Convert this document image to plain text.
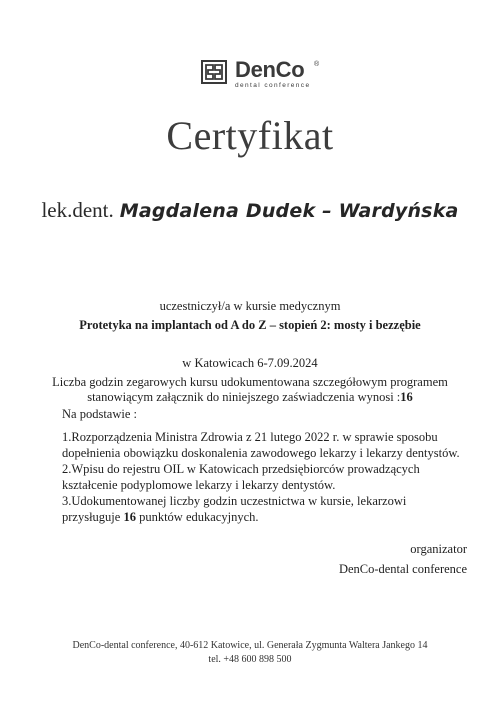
DenCo ®
dental conference
Certyfikat
lek.dent. Magdalena Dudek – Wardyńska
uczestniczył/a w kursie medycznym
Protetyka na implantach od A do Z – stopień 2: mosty i bezzębie
w Katowicach 6-7.09.2024
Liczba godzin zegarowych kursu udokumentowana szczegółowym programem
stanowiącym załącznik do niniejszego zaświadczenia wynosi :16
Na podstawie :
1.Rozporządzenia Ministra Zdrowia z 21 lutego 2022 r. w sprawie sposobu
dopełnienia obowiązku doskonalenia zawodowego lekarzy i lekarzy dentystów.
2.Wpisu do rejestru OIL w Katowicach przedsiębiorców prowadzących
kształcenie podyplomowe lekarzy i lekarzy dentystów.
3.Udokumentowanej liczby godzin uczestnictwa w kursie, lekarzowi
przysługuje 16 punktów edukacyjnych.
organizator
DenCo-dental conference
DenCo-dental conference, 40-612 Katowice, ul. Generała Zygmunta Waltera Jankego 14
tel. +48 600 898 500
